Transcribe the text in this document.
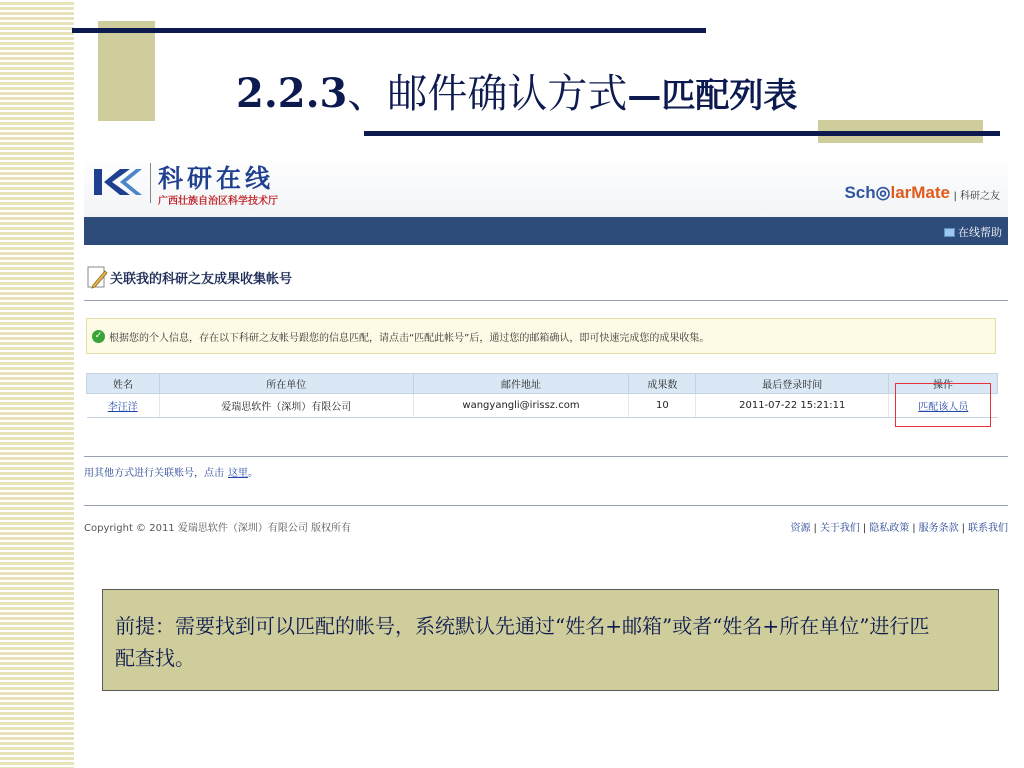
2.2.3、邮件确认方式—匹配列表
科研在线
广西壮族自治区科学技术厅	Sch◎larMate | 科研之友
在线帮助
关联我的科研之友成果收集帐号
✓ 根据您的个人信息，存在以下科研之友帐号跟您的信息匹配，请点击“匹配此帐号”后，通过您的邮箱确认，即可快速完成您的成果收集。
姓名	所在单位	邮件地址	成果数	最后登录时间	操作
李汪洋	爱瑞思软件（深圳）有限公司	wangyangli@irissz.com	10	2011-07-22 15:21:11	匹配该人员
用其他方式进行关联账号，点击 这里。
Copyright © 2011 爱瑞思软件（深圳）有限公司 版权所有	资源 | 关于我们 | 隐私政策 | 服务条款 | 联系我们
前提：需要找到可以匹配的帐号，系统默认先通过“姓名+邮箱”或者“姓名+所在单位”进行匹配查找。
